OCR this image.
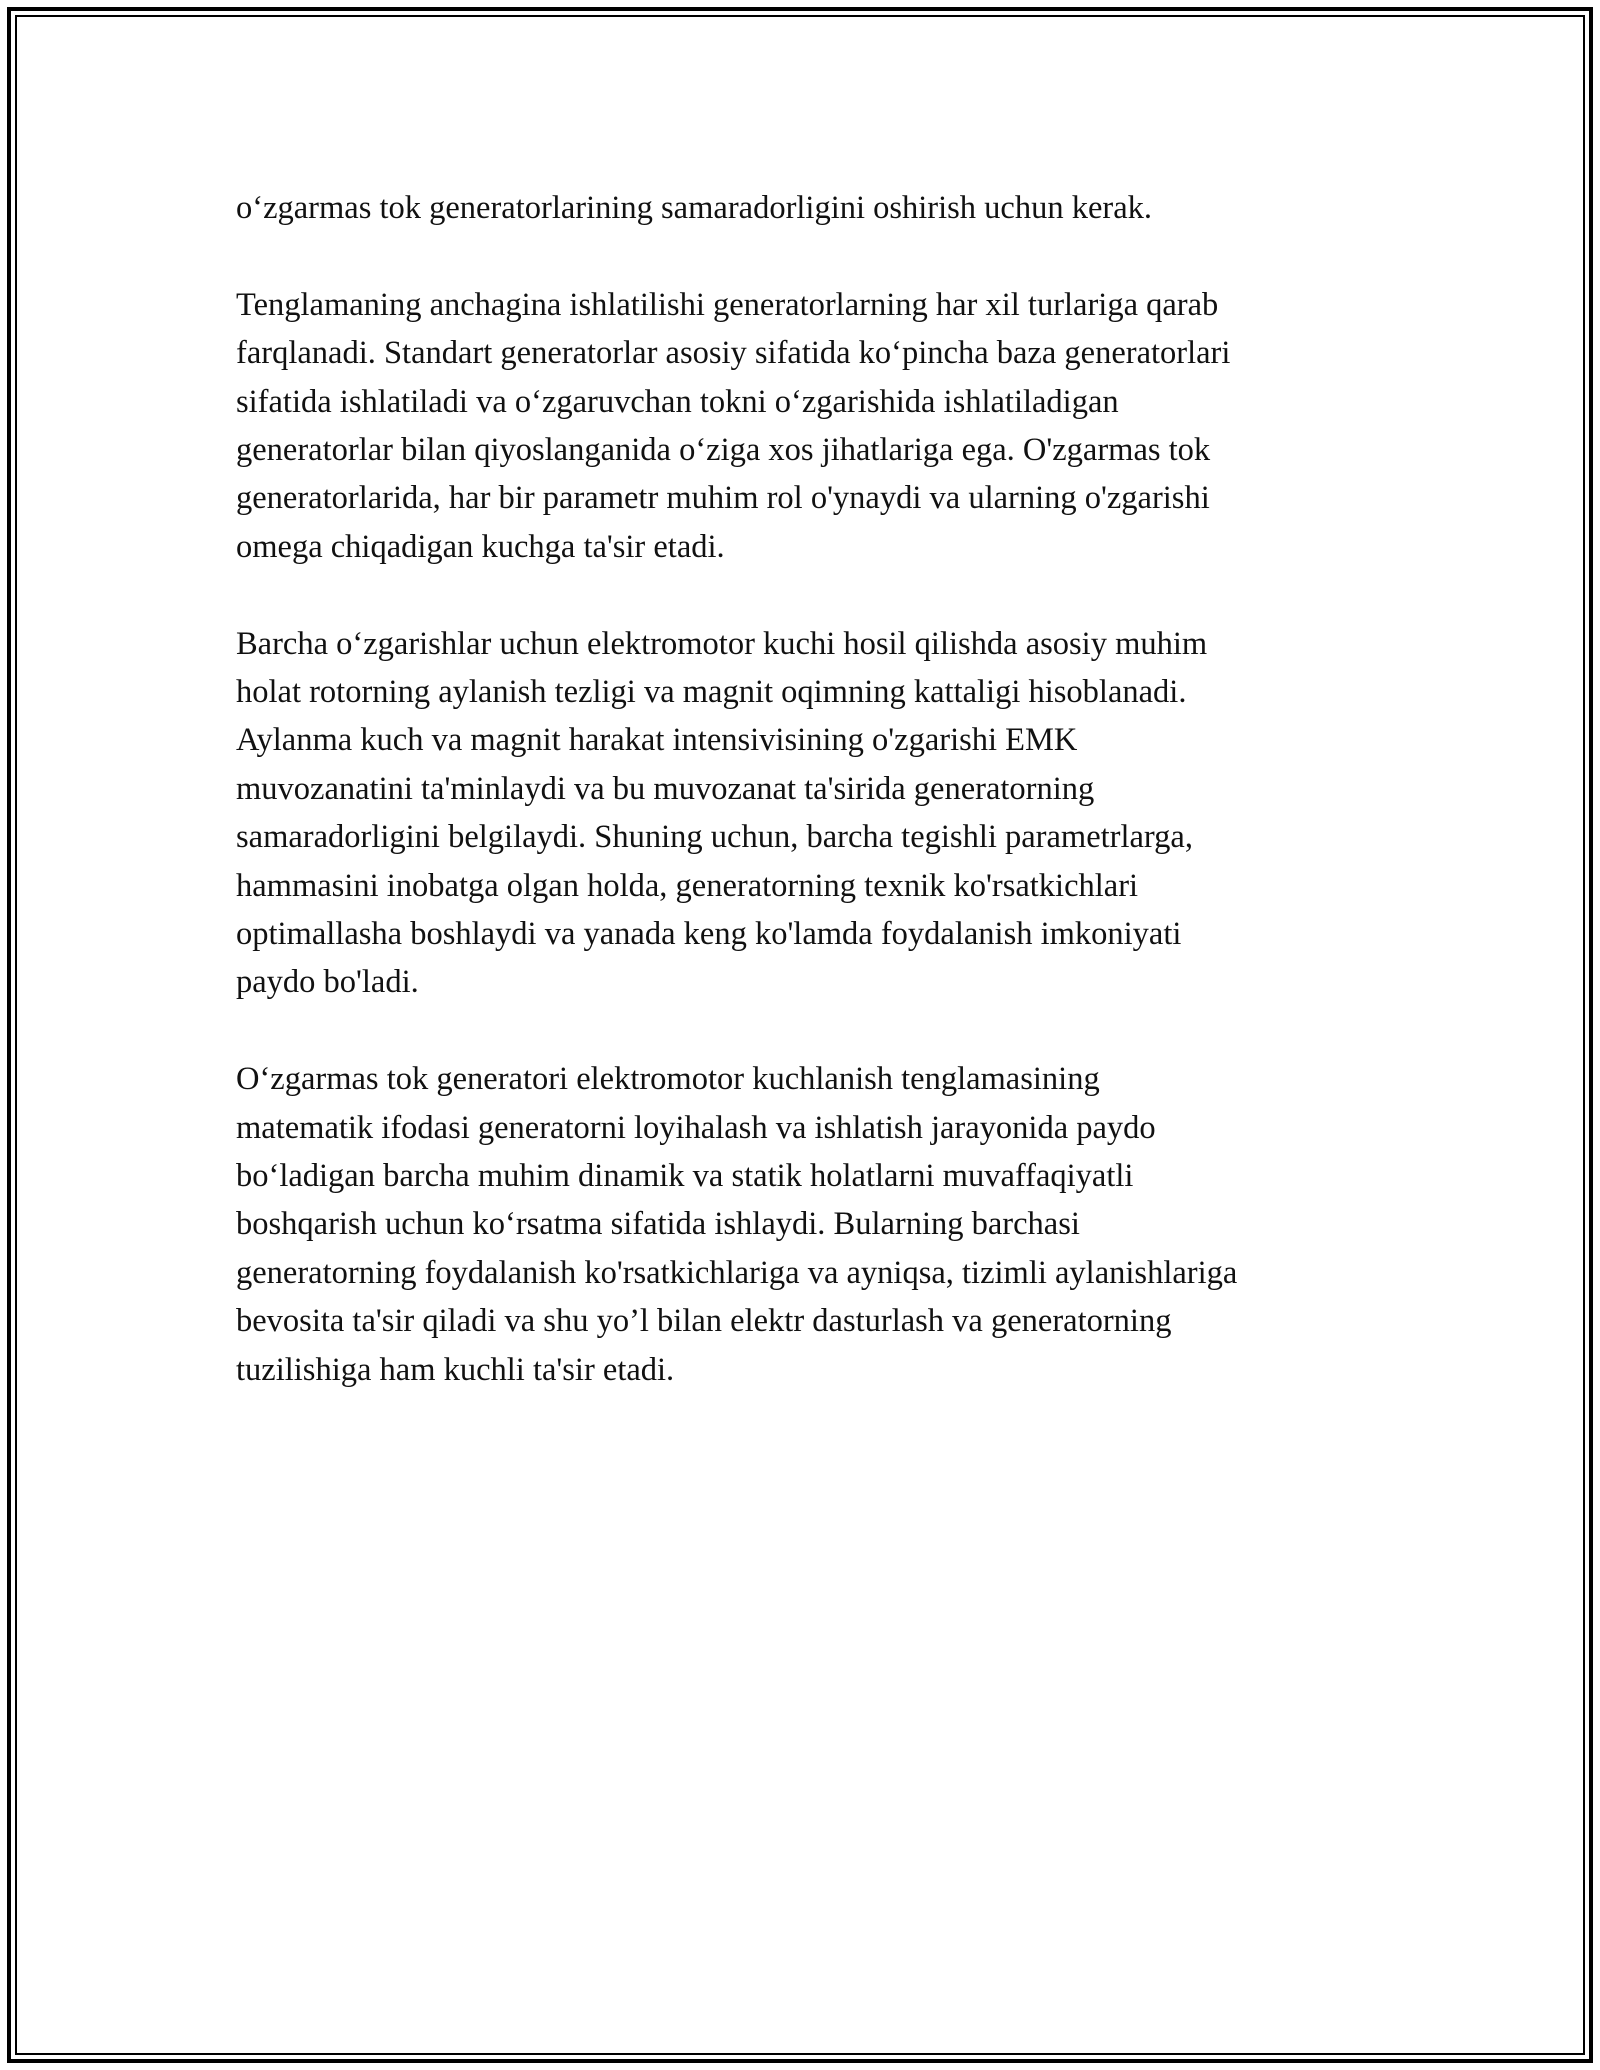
o‘zgarmas tok generatorlarining samaradorligini oshirish uchun kerak.

Tenglamaning anchagina ishlatilishi generatorlarning har xil turlariga qarab
farqlanadi. Standart generatorlar asosiy sifatida ko‘pincha baza generatorlari
sifatida ishlatiladi va o‘zgaruvchan tokni o‘zgarishida ishlatiladigan
generatorlar bilan qiyoslanganida o‘ziga xos jihatlariga ega. O'zgarmas tok
generatorlarida, har bir parametr muhim rol o'ynaydi va ularning o'zgarishi
omega chiqadigan kuchga ta'sir etadi.

Barcha o‘zgarishlar uchun elektromotor kuchi hosil qilishda asosiy muhim
holat rotorning aylanish tezligi va magnit oqimning kattaligi hisoblanadi.
Aylanma kuch va magnit harakat intensivisining o'zgarishi EMK
muvozanatini ta'minlaydi va bu muvozanat ta'sirida generatorning
samaradorligini belgilaydi. Shuning uchun, barcha tegishli parametrlarga,
hammasini inobatga olgan holda, generatorning texnik ko'rsatkichlari
optimallasha boshlaydi va yanada keng ko'lamda foydalanish imkoniyati
paydo bo'ladi.

O‘zgarmas tok generatori elektromotor kuchlanish tenglamasining
matematik ifodasi generatorni loyihalash va ishlatish jarayonida paydo
bo‘ladigan barcha muhim dinamik va statik holatlarni muvaffaqiyatli
boshqarish uchun ko‘rsatma sifatida ishlaydi. Bularning barchasi
generatorning foydalanish ko'rsatkichlariga va ayniqsa, tizimli aylanishlariga
bevosita ta'sir qiladi va shu yo’l bilan elektr dasturlash va generatorning
tuzilishiga ham kuchli ta'sir etadi.
